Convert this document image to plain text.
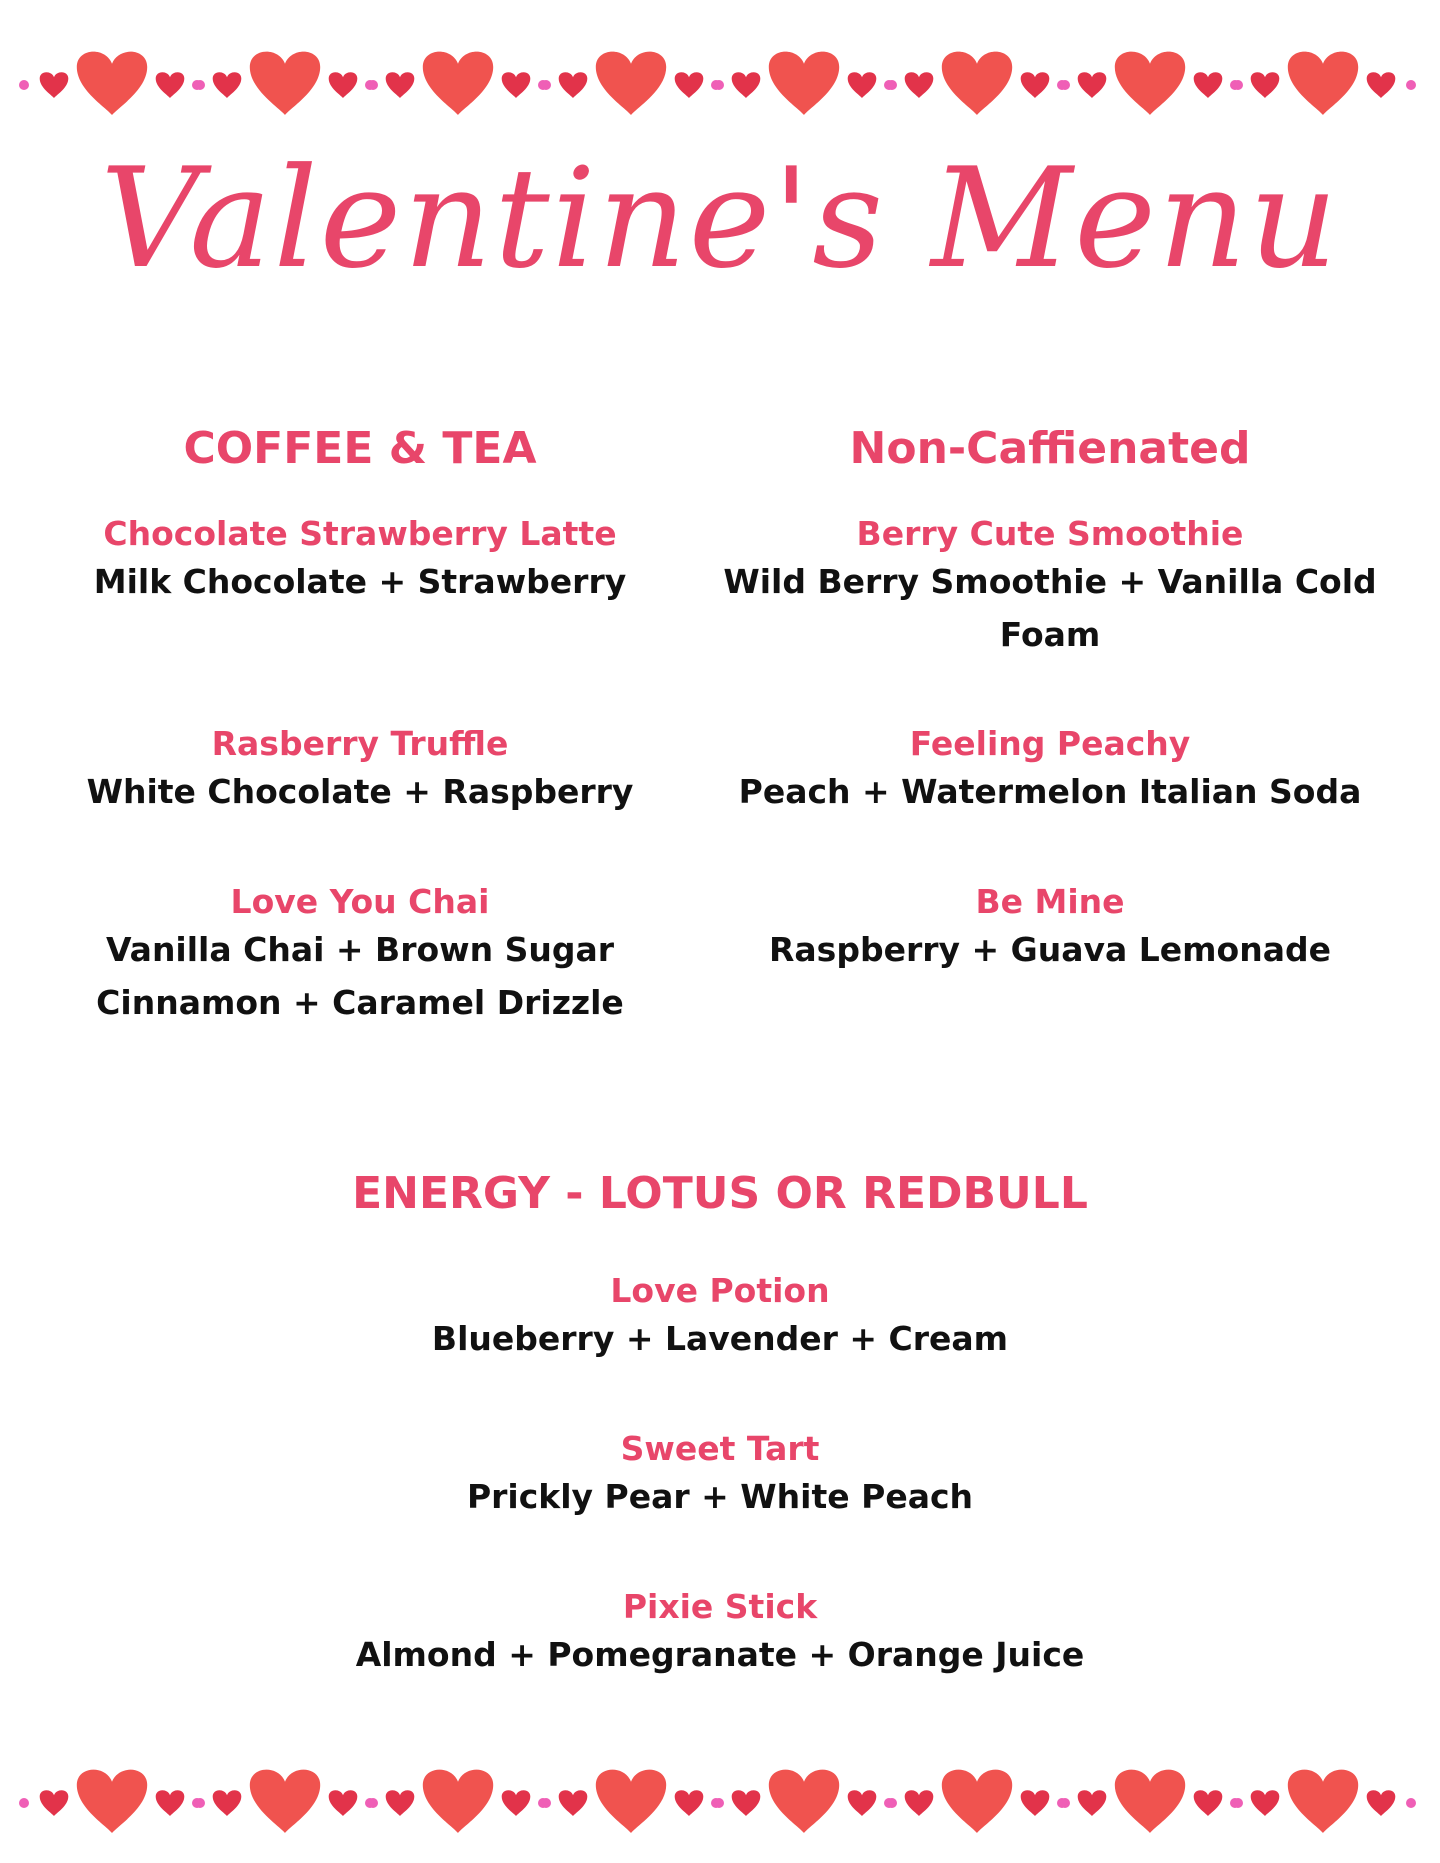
Valentine's Menu
COFFEE & TEA

Chocolate Strawberry Latte

Milk Chocolate + Strawberry

Rasberry Truffle

White Chocolate + Raspberry

Love You Chai

Vanilla Chai + Brown Sugar Cinnamon + Caramel Drizzle

Non-Caffienated

Berry Cute Smoothie

Wild Berry Smoothie + Vanilla Cold Foam

Feeling Peachy

Peach + Watermelon Italian Soda

Be Mine

Raspberry + Guava Lemonade

ENERGY - LOTUS OR REDBULL

Love Potion

Blueberry + Lavender + Cream

Sweet Tart

Prickly Pear + White Peach

Pixie Stick

Almond + Pomegranate + Orange Juice
